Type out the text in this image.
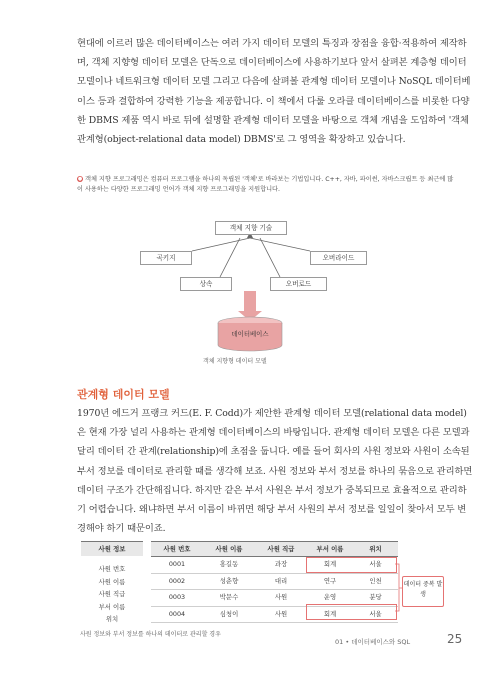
현대에 이르러 많은 데이터베이스는 여러 가지 데이터 모델의 특징과 장점을 융합·적용하여 제작하며, 객체 지향형 데이터 모델은 단독으로 데이터베이스에 사용하기보다 앞서 살펴본 계층형 데이터 모델이나 네트워크형 데이터 모델 그리고 다음에 살펴볼 관계형 데이터 모델이나 NoSQL 데이터베이스 등과 결합하여 강력한 기능을 제공합니다. 이 책에서 다룰 오라클 데이터베이스를 비롯한 다양한 DBMS 제품 역시 바로 뒤에 설명할 관계형 데이터 모델을 바탕으로 객체 개념을 도입하여 '객체 관계형(object-relational data model) DBMS'로 그 영역을 확장하고 있습니다.
● 객체 지향 프로그래밍은 컴퓨터 프로그램을 하나의 독립된 '객체'로 바라보는 기법입니다. C++, 자바, 파이썬, 자바스크립트 등 최근에 많이 사용하는 다양한 프로그래밍 언어가 객체 지향 프로그래밍을 지원합니다.
객체 지향 기술
곡키지	오버라이드
상속	오버로드
데이터베이스
객체 지향형 데이터 모델
관계형 데이터 모델
1970년 에드거 프랭크 커드(E. F. Codd)가 제안한 관계형 데이터 모델(relational data model)은 현재 가장 널리 사용하는 관계형 데이터베이스의 바탕입니다. 관계형 데이터 모델은 다른 모델과 달리 데이터 간 관계(relationship)에 초점을 둡니다. 예를 들어 회사의 사원 정보와 사원이 소속된 부서 정보를 데이터로 관리할 때를 생각해 보죠. 사원 정보와 부서 정보를 하나의 묶음으로 관리하면 데이터 구조가 간단해집니다. 하지만 같은 부서 사원은 부서 정보가 중복되므로 효율적으로 관리하기 어렵습니다. 왜냐하면 부서 이름이 바뀌면 해당 부서 사원의 부서 정보를 일일이 찾아서 모두 변경해야 하기 때문이죠.
사원 정보
사원 번호
사원 이름
사원 직급
부서 이름
위치
사원 번호	사원 이름	사원 직급	부서 이름	위치
0001	홍길동	과장	회계	서울
0002	성춘향	대리	연구	인천
0003	박문수	사원	운영	분당
0004	심청이	사원	회계	서울
데이터 중복 발생
사원 정보와 부서 정보를 하나의 데이터로 관리할 경우
01 • 데이터베이스와 SQL	25
